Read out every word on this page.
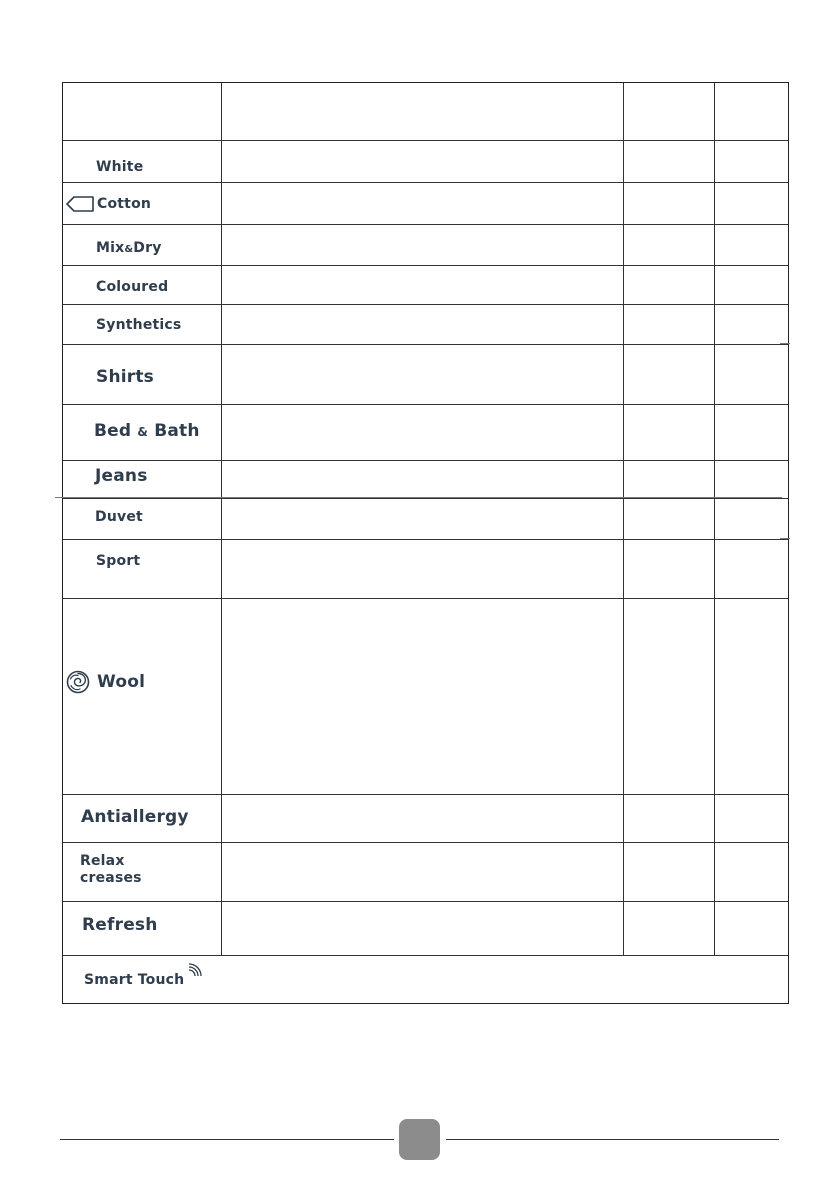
White
Cotton
Mix&Dry
Coloured
Synthetics
Shirts
Bed & Bath
Jeans
Duvet
Sport
Wool
Antiallergy
Relax
creases
Refresh
Smart Touch
